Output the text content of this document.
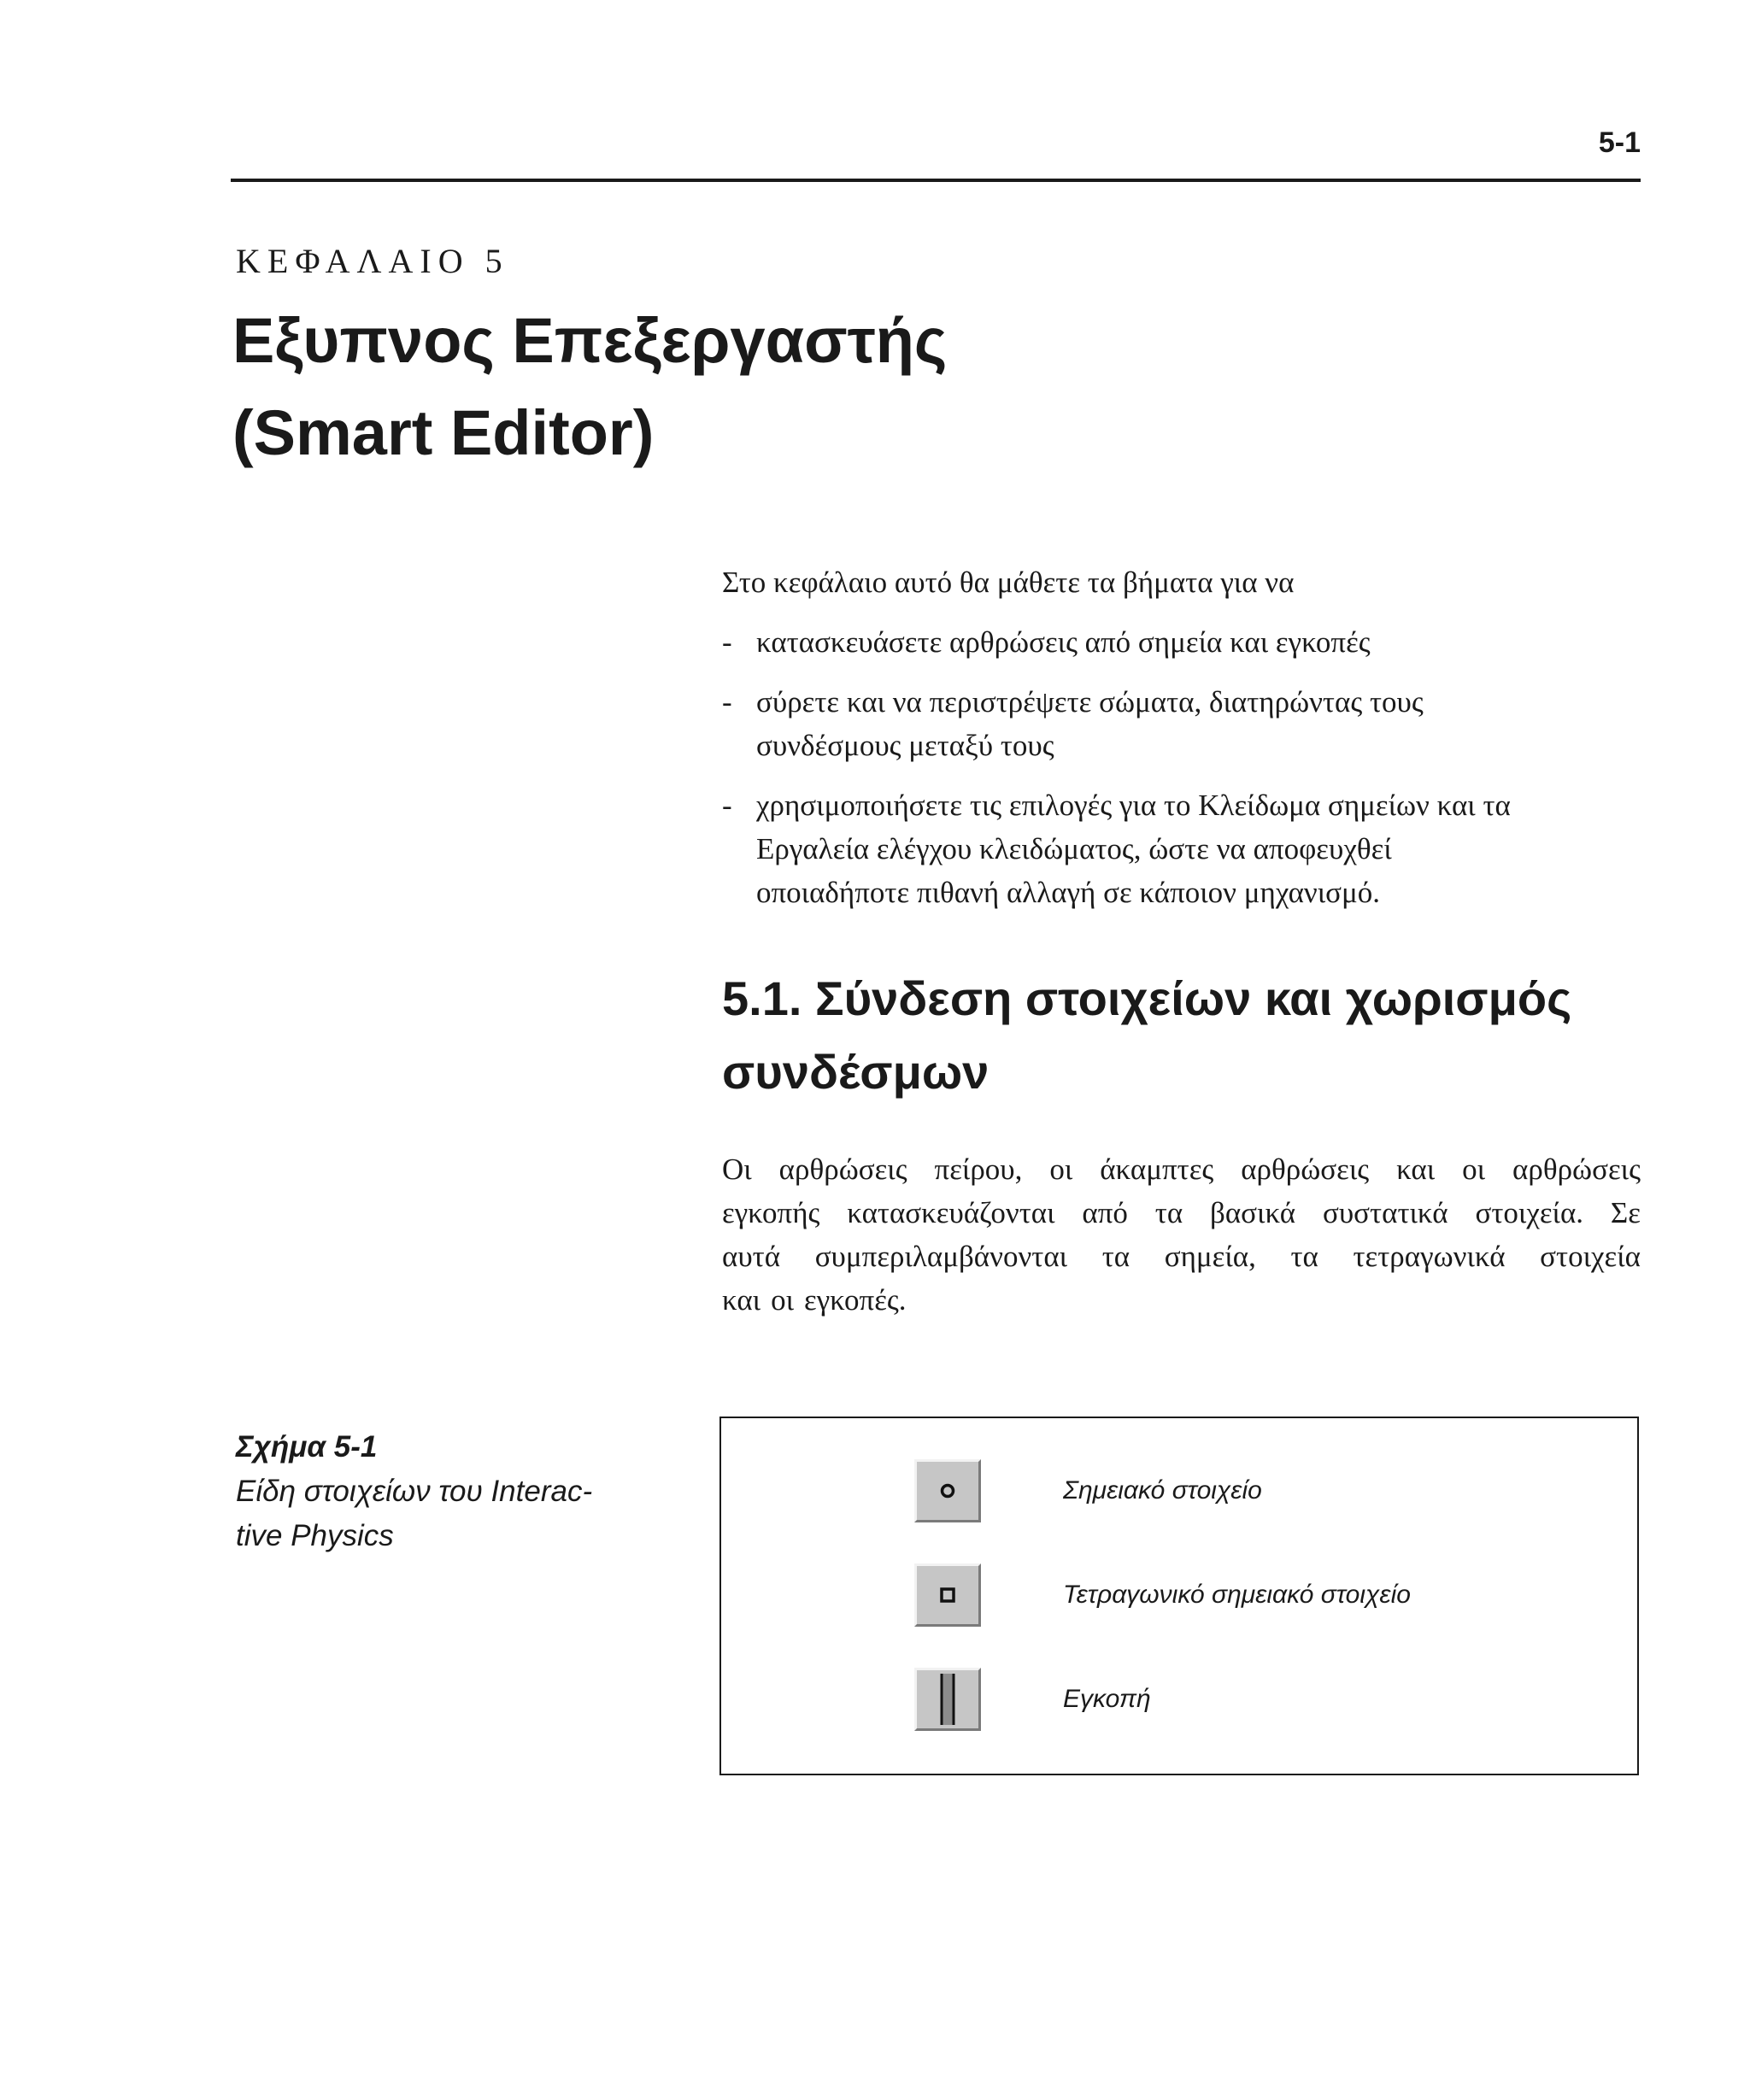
5-1
ΚΕΦΑΛΑΙΟ 5
Εξυπνος Επεξεργαστής
(Smart Editor)

Στο κεφάλαιο αυτό θα μάθετε τα βήματα για να

- κατασκευάσετε αρθρώσεις από σημεία και εγκοπές
- σύρετε και να περιστρέψετε σώματα, διατηρώντας τους
συνδέσμους μεταξύ τους
- χρησιμοποιήσετε τις επιλογές για το Κλείδωμα σημείων και τα
Εργαλεία ελέγχου κλειδώματος, ώστε να αποφευχθεί
οποιαδήποτε πιθανή αλλαγή σε κάποιον μηχανισμό.
5.1. Σύνδεση στοιχείων και χωρισμός
συνδέσμων
Οι αρθρώσεις πείρου, οι άκαμπτες αρθρώσεις και οι αρθρώσεις
εγκοπής κατασκευάζονται από τα βασικά συστατικά στοιχεία. Σε
αυτά συμπεριλαμβάνονται τα σημεία, τα τετραγωνικά στοιχεία
και οι εγκοπές.
Σχήμα 5-1
Είδη στοιχείων του Interac-
tive Physics
Σημειακό στοιχείο
Τετραγωνικό σημειακό στοιχείο
Εγκοπή
